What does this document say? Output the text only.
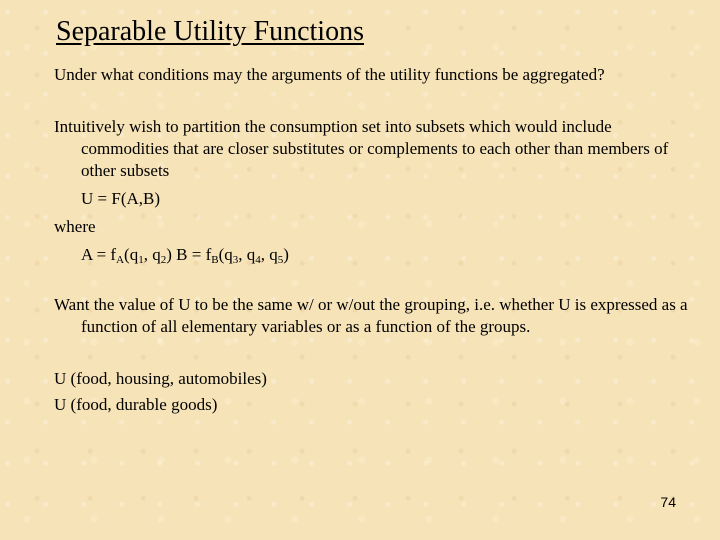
Separable Utility Functions

Under what conditions may the arguments of the utility functions be aggregated?

Intuitively wish to partition the consumption set into subsets which would include commodities that are closer substitutes or complements to each other than members of other subsets

U = F(A,B)

where

$A = f_A(q_1$, $q_2$) $B = f_B(q_3$, $q_4$, $q_5$)

Want the value of U to be the same w/ or w/out the grouping, i.e. whether U is expressed as a function of all elementary variables or as a function of the groups.

U (food, housing, automobiles)

U (food, durable goods)

74
